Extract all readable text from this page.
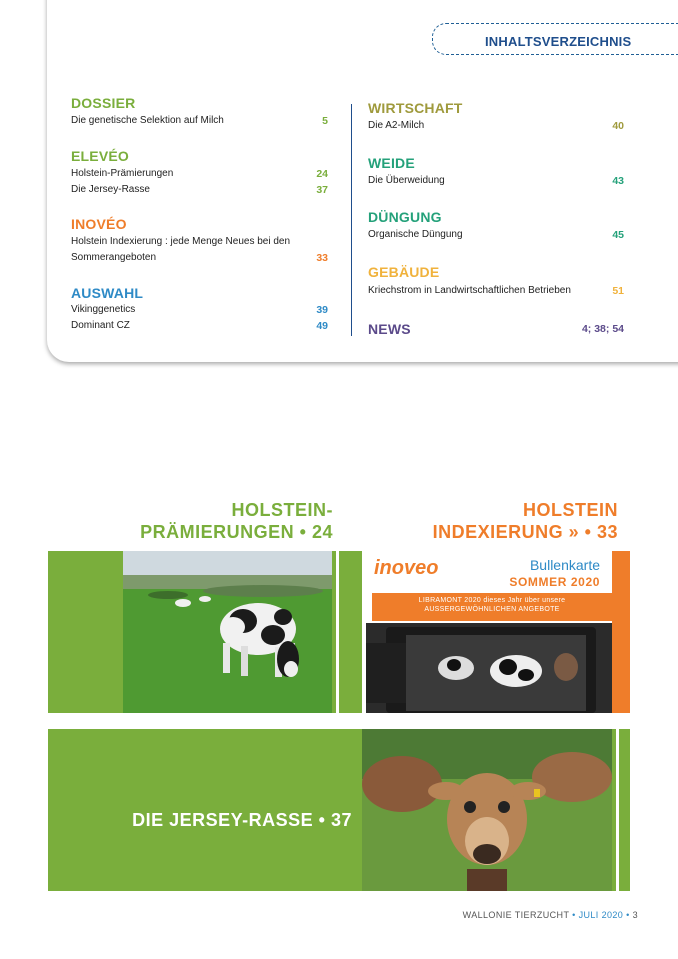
INHALTSVERZEICHNIS
DOSSIER
Die genetische Selektion auf Milch	5
ELEVÉO
Holstein-Prämierungen	24
Die Jersey-Rasse	37
INOVÉO
Holstein Indexierung : jede Menge Neues bei den
Sommerangeboten	33
AUSWAHL
Vikinggenetics	39
Dominant CZ	49
WIRTSCHAFT
Die A2-Milch	40
WEIDE
Die Überweidung	43
DÜNGUNG
Organische Düngung	45
GEBÄUDE
Kriechstrom in Landwirtschaftlichen Betrieben	51
NEWS	4; 38; 54
HOLSTEIN-
PRÄMIERUNGEN • 24
HOLSTEIN
INDEXIERUNG » • 33
inoveo	Bullenkarte
SOMMER 2020
LIBRAMONT 2020 dieses Jahr über unsere
AUSSERGEWÖHNLICHEN ANGEBOTE
DIE JERSEY-RASSE • 37
WALLONIE TIERZUCHT • JULI 2020 • 3
